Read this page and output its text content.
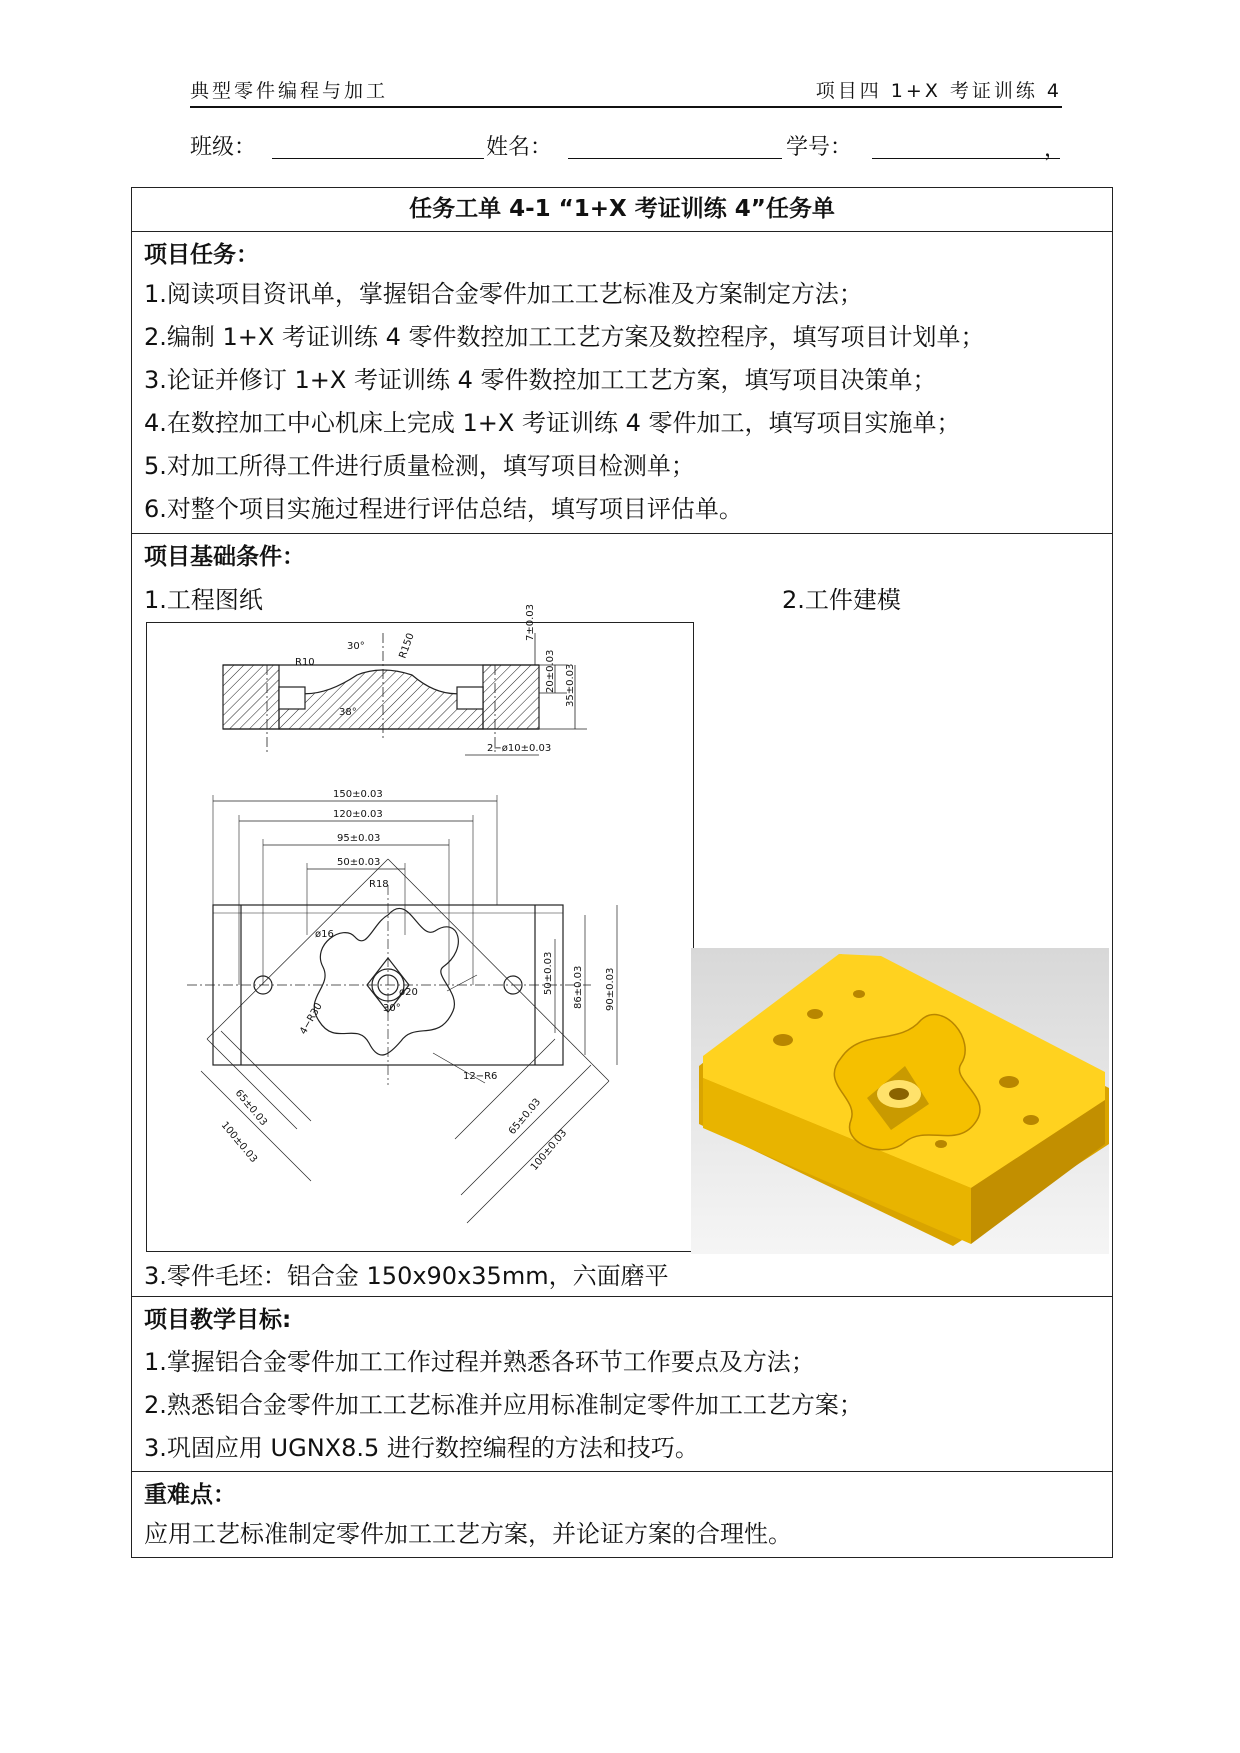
典型零件编程与加工	项目四 1+X 考证训练 4
班级：	姓名：	学号：	，
任务工单 4-1 “1+X 考证训练 4”任务单
项目任务：
1.阅读项目资讯单，掌握铝合金零件加工工艺标准及方案制定方法；
2.编制 1+X 考证训练 4 零件数控加工工艺方案及数控程序，填写项目计划单；
3.论证并修订 1+X 考证训练 4 零件数控加工工艺方案，填写项目决策单；
4.在数控加工中心机床上完成 1+X 考证训练 4 零件加工，填写项目实施单；
5.对加工所得工件进行质量检测，填写项目检测单；
6.对整个项目实施过程进行评估总结，填写项目评估单。
项目基础条件：
1.工程图纸	2.工件建模
R10
30°	R150
38°
7±0.03
20±0.03 35±0.03
2−ø10±0.03
150±0.03
120±0.03
95±0.03
50±0.03
R18
ø16
ø20
4−R30	30°
50±0.03 86±0.03 90±0.03
12−R6
65±0.03
100±0.03
65±0.03
100±0.03
3.零件毛坯：铝合金 150x90x35mm，六面磨平
项目教学目标:
1.掌握铝合金零件加工工作过程并熟悉各环节工作要点及方法；
2.熟悉铝合金零件加工工艺标准并应用标准制定零件加工工艺方案；
3.巩固应用 UGNX8.5 进行数控编程的方法和技巧。
重难点：
应用工艺标准制定零件加工工艺方案，并论证方案的合理性。
